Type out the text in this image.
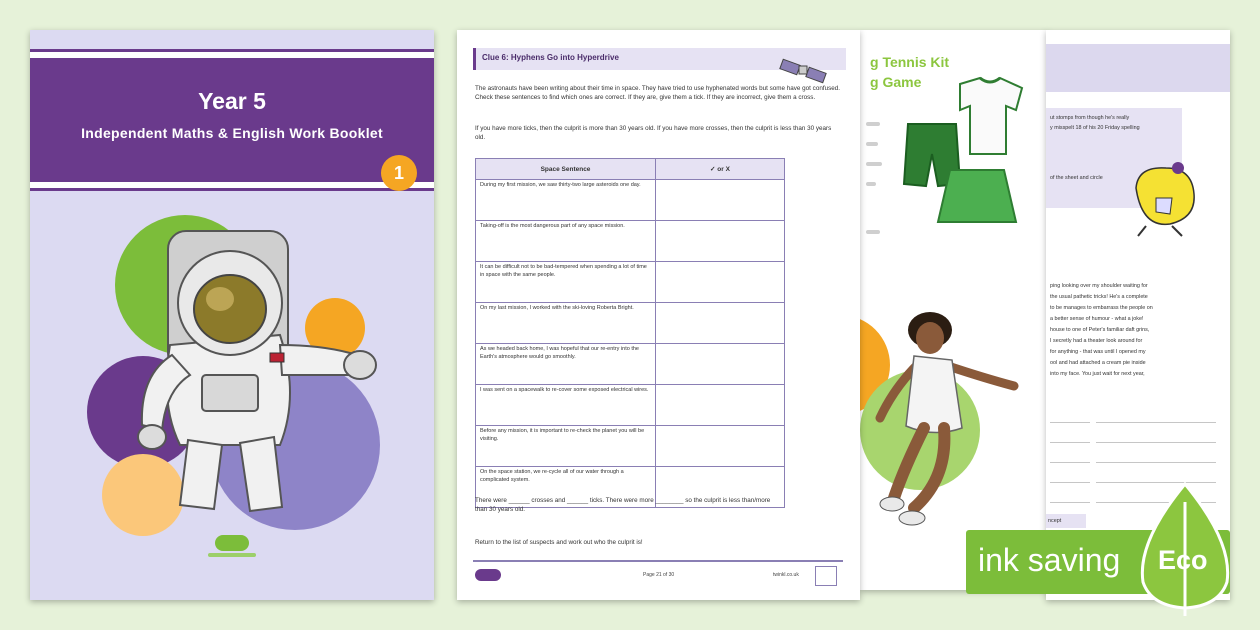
Year 5
Independent Maths & English Work Booklet
1
g Tennis Kit
g Game
ut stomps from though he's really
y misspelt 18 of his 20 Friday spelling
of the sheet and circle
ping looking over my shoulder waiting for
the usual pathetic tricks! He's a complete
to be manages to embarrass the people on
a better sense of humour - what a joke!
house to one of Peter's familiar daft grins,
I secretly had a theater look around for
for anything - that was until I opened my
ool and had attached a cream pie inside
into my face. You just wait for next year,
ncept
Clue 6: Hyphens Go into Hyperdrive
The astronauts have been writing about their time in space. They have tried to use hyphenated words but some have got confused. Check these sentences to find which ones are correct. If they are, give them a tick. If they are incorrect, give them a cross.
If you have more ticks, then the culprit is more than 30 years old. If you have more crosses, then the culprit is less than 30 years old.
Space Sentence	✓ or X
During my first mission, we saw thirty-two large asteroids one day.	
Taking-off is the most dangerous part of any space mission.	
It can be difficult not to be bad-tempered when spending a lot of time in space with the same people.	
On my last mission, I worked with the ski-loving Roberta Bright.	
As we headed back home, I was hopeful that our re-entry into the Earth's atmosphere would go smoothly.	
I was sent on a spacewalk to re-cover some exposed electrical wires.	
Before any mission, it is important to re-check the planet you will be visiting.	
On the space station, we re-cycle all of our water through a complicated system.	
There were ______ crosses and ______ ticks. There were more ________ so the culprit is less than/more than 30 years old.
Return to the list of suspects and work out who the culprit is!
Page 21 of 30	twinkl.co.uk	ink saving Eco
